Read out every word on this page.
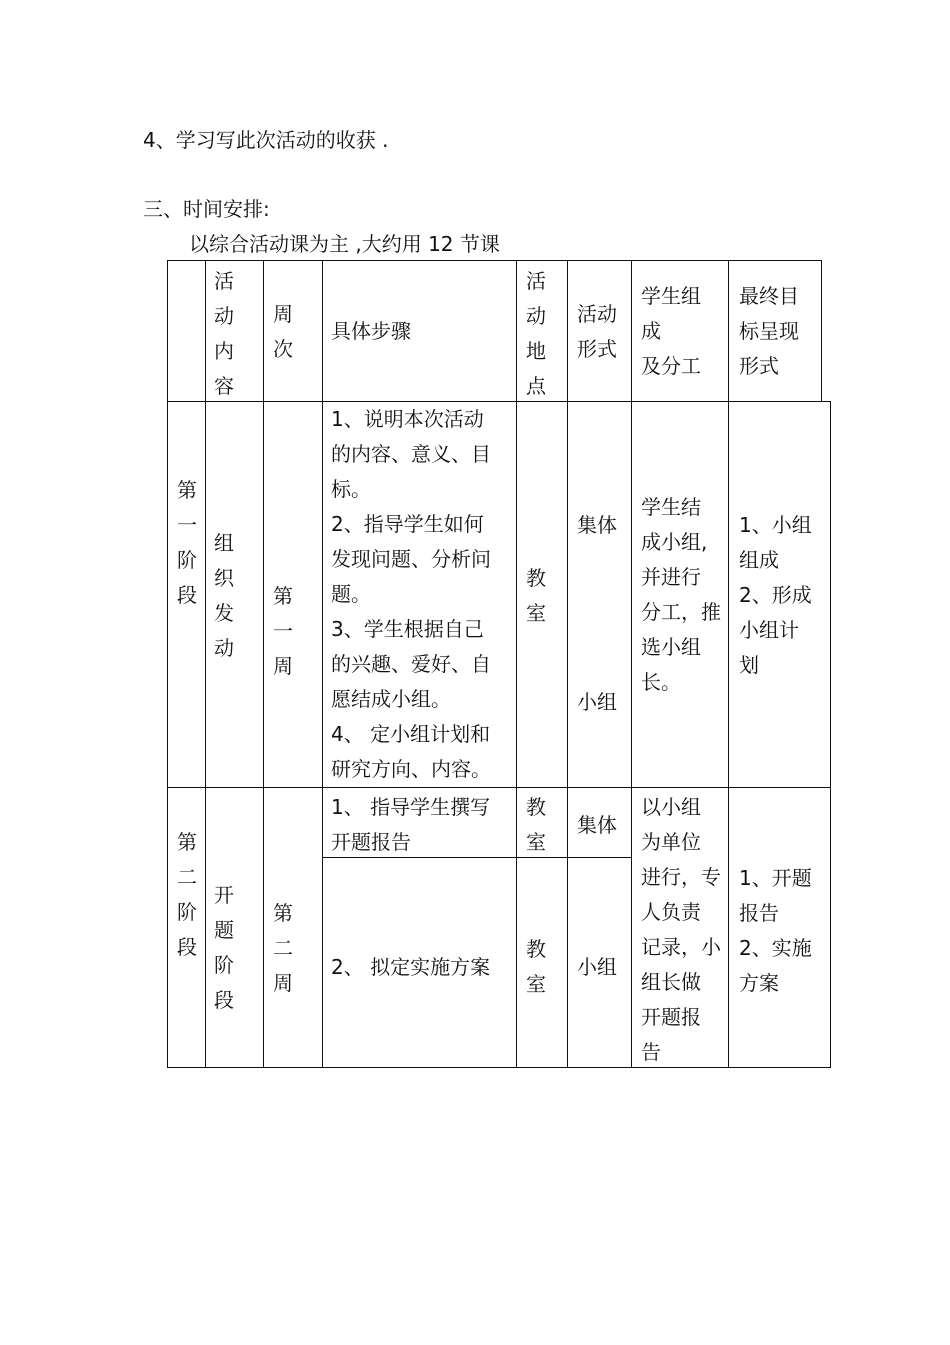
4、学习写此次活动的收获 .
三、时间安排:
以综合活动课为主 ,大约用 12 节课
活
动
内
容
周
次
具体步骤
活
动
地
点
活动
形式
学生组
成
及分工
最终目
标呈现
形式
第
一
阶
段
组
织
发
动
第
一
周
1、说明本次活动
的内容、意义、目
标。
2、指导学生如何
发现问题、分析问
题。
3、学生根据自己
的兴趣、爱好、自
愿结成小组。
4、 定小组计划和
研究方向、内容。
教
室
集体
小组
学生结
成小组,
并进行
分工，推
选小组
长。
1、小组
组成
2、形成
小组计
划
第
二
阶
段
开
题
阶
段
第
二
周
1、 指导学生撰写
开题报告
教
室
集体
2、 拟定实施方案
教
室
小组
以小组
为单位
进行，专
人负责
记录，小
组长做
开题报
告
1、开题
报告
2、实施
方案
